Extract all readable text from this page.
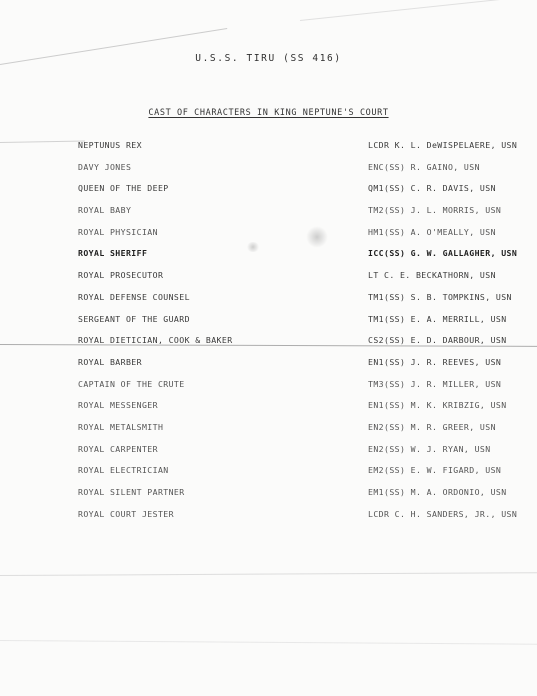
U.S.S. TIRU (SS 416)
CAST OF CHARACTERS IN KING NEPTUNE'S COURT
NEPTUNUS REX	LCDR K. L. DeWISPELAERE, USN
DAVY JONES	ENC(SS) R. GAINO, USN
QUEEN OF THE DEEP	QM1(SS) C. R. DAVIS, USN
ROYAL BABY	TM2(SS) J. L. MORRIS, USN
ROYAL PHYSICIAN	HM1(SS) A. O'MEALLY, USN
ROYAL SHERIFF	ICC(SS) G. W. GALLAGHER, USN
ROYAL PROSECUTOR	LT C. E. BECKATHORN, USN
ROYAL DEFENSE COUNSEL	TM1(SS) S. B. TOMPKINS, USN
SERGEANT OF THE GUARD	TM1(SS) E. A. MERRILL, USN
ROYAL DIETICIAN, COOK & BAKER	CS2(SS) E. D. DARBOUR, USN
ROYAL BARBER	EN1(SS) J. R. REEVES, USN
CAPTAIN OF THE CRUTE	TM3(SS) J. R. MILLER, USN
ROYAL MESSENGER	EN1(SS) M. K. KRIBZIG, USN
ROYAL METALSMITH	EN2(SS) M. R. GREER, USN
ROYAL CARPENTER	EN2(SS) W. J. RYAN, USN
ROYAL ELECTRICIAN	EM2(SS) E. W. FIGARD, USN
ROYAL SILENT PARTNER	EM1(SS) M. A. ORDONIO, USN
ROYAL COURT JESTER	LCDR C. H. SANDERS, JR., USN
